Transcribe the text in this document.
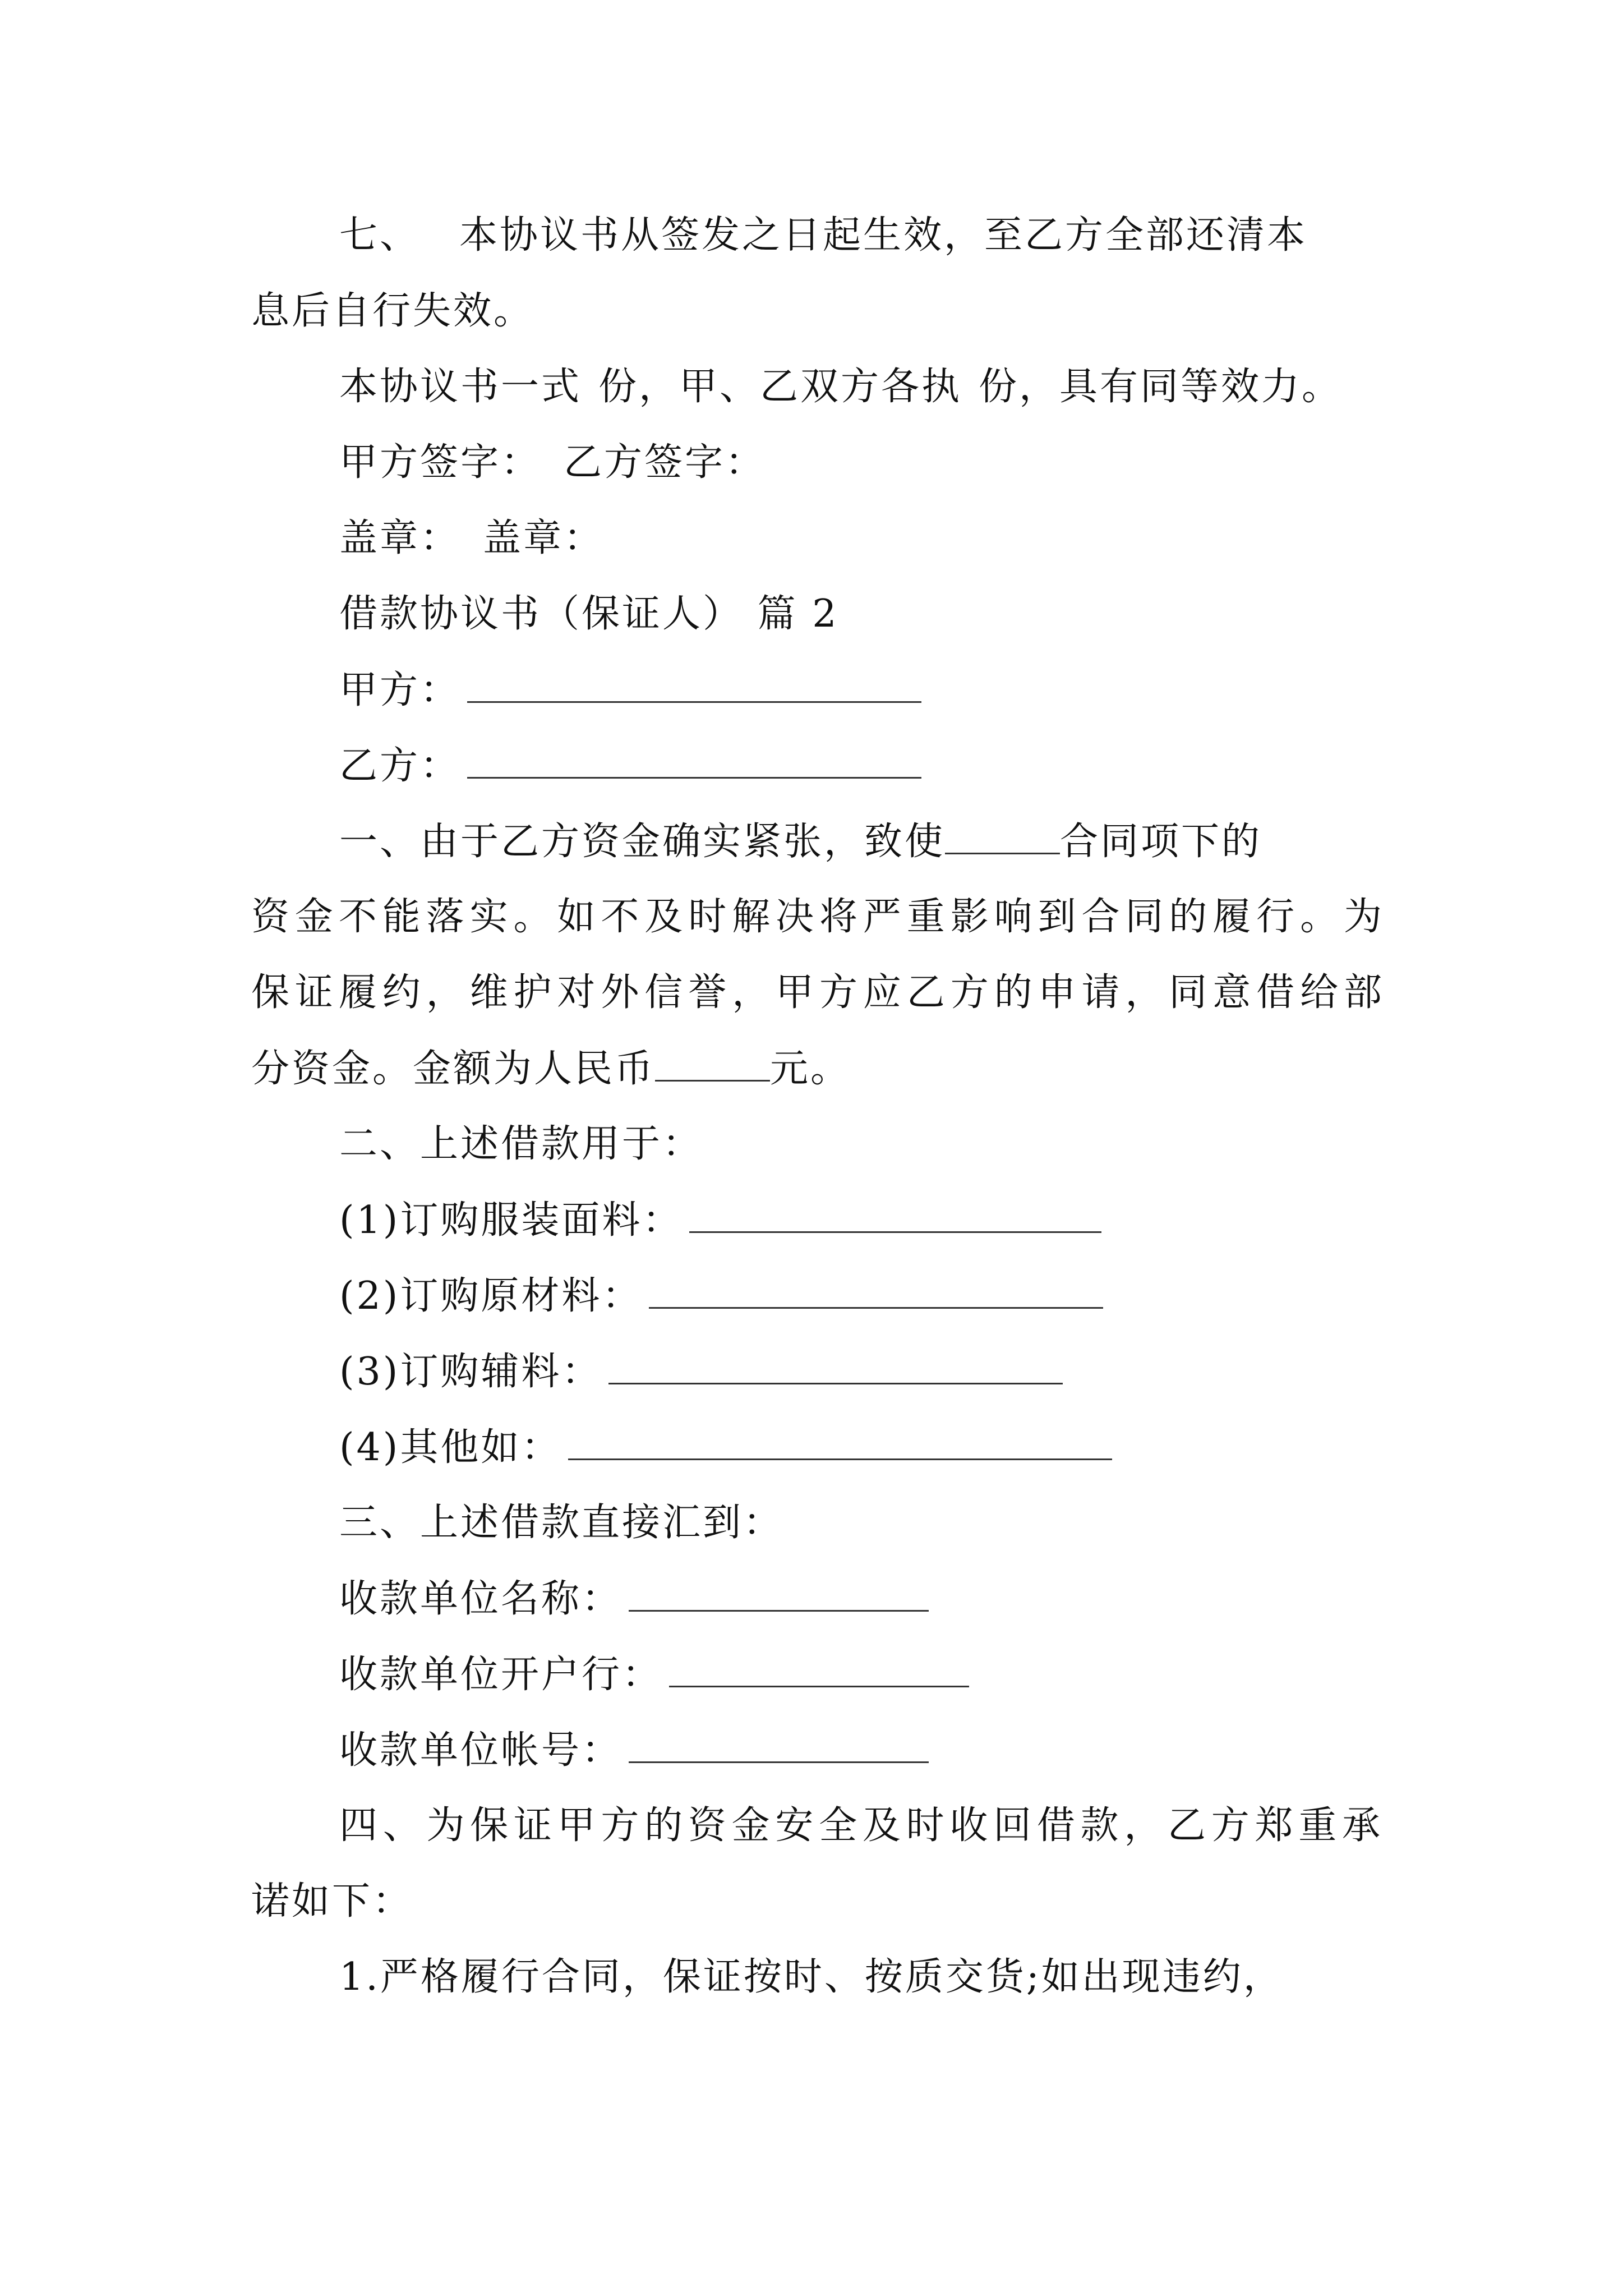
七、 本协议书从签发之日起生效，至乙方全部还清本
息后自行失效。
本协议书一式 份，甲、乙双方各执 份，具有同等效力。
甲方签字： 乙方签字：
盖章： 盖章：
借款协议书（保证人） 篇 2
甲方：
乙方：
一、由于乙方资金确实紧张，致使	合同项下的
资金不能落实。如不及时解决将严重影响到合同的履行。为
保证履约，维护对外信誉，甲方应乙方的申请，同意借给部
分资金。金额为人民币	元。
二、上述借款用于：
(1)订购服装面料：
(2)订购原材料：
(3)订购辅料：
(4)其他如：
三、上述借款直接汇到：
收款单位名称：
收款单位开户行：
收款单位帐号：
四、为保证甲方的资金安全及时收回借款，乙方郑重承
诺如下：
1.严格履行合同，保证按时、按质交货;如出现违约，
